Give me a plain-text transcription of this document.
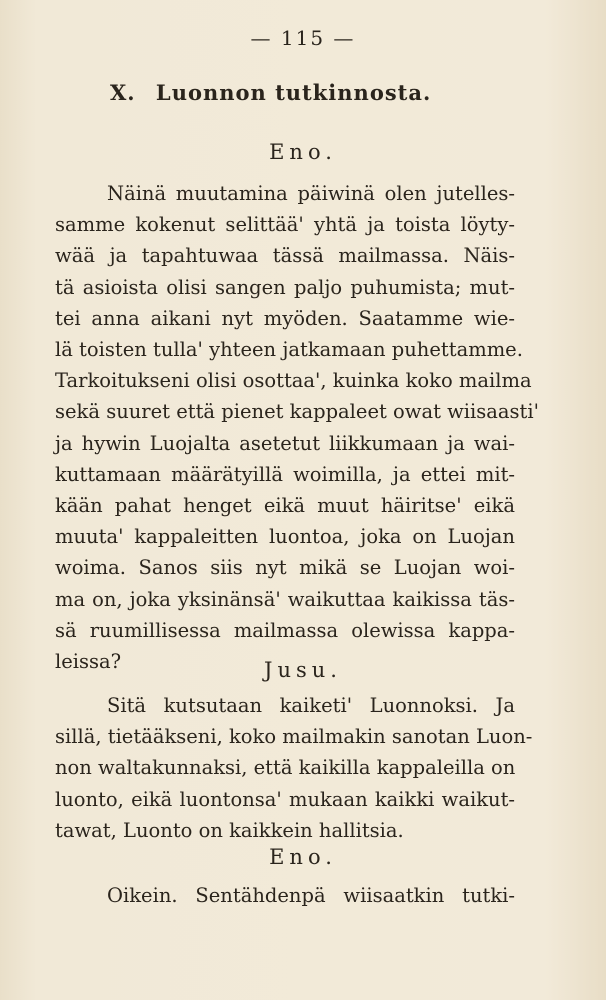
— 115 —
X. Luonnon tutkinnosta.
Eno.
Näinä muutamina päiwinä olen jutelles-
samme kokenut selittää' yhtä ja toista löyty-
wää ja tapahtuwaa tässä mailmassa. Näis-
tä asioista olisi sangen paljo puhumista; mut-
tei anna aikani nyt myöden. Saatamme wie-
lä toisten tulla' yhteen jatkamaan puhettamme.
Tarkoitukseni olisi osottaa', kuinka koko mailma
sekä suuret että pienet kappaleet owat wiisaasti'
ja hywin Luojalta asetetut liikkumaan ja wai-
kuttamaan määrätyillä woimilla, ja ettei mit-
kään pahat henget eikä muut häiritse' eikä
muuta' kappaleitten luontoa, joka on Luojan
woima. Sanos siis nyt mikä se Luojan woi-
ma on, joka yksinänsä' waikuttaa kaikissa täs-
sä ruumillisessa mailmassa olewissa kappa-
leissa?	Jusu.
Sitä kutsutaan kaiketi' Luonnoksi. Ja
sillä, tietääkseni, koko mailmakin sanotan Luon-
non waltakunnaksi, että kaikilla kappaleilla on
luonto, eikä luontonsa' mukaan kaikki waikut-
tawat, Luonto on kaikkein hallitsia.
Eno.
Oikein. Sentähdenpä wiisaatkin tutki-
